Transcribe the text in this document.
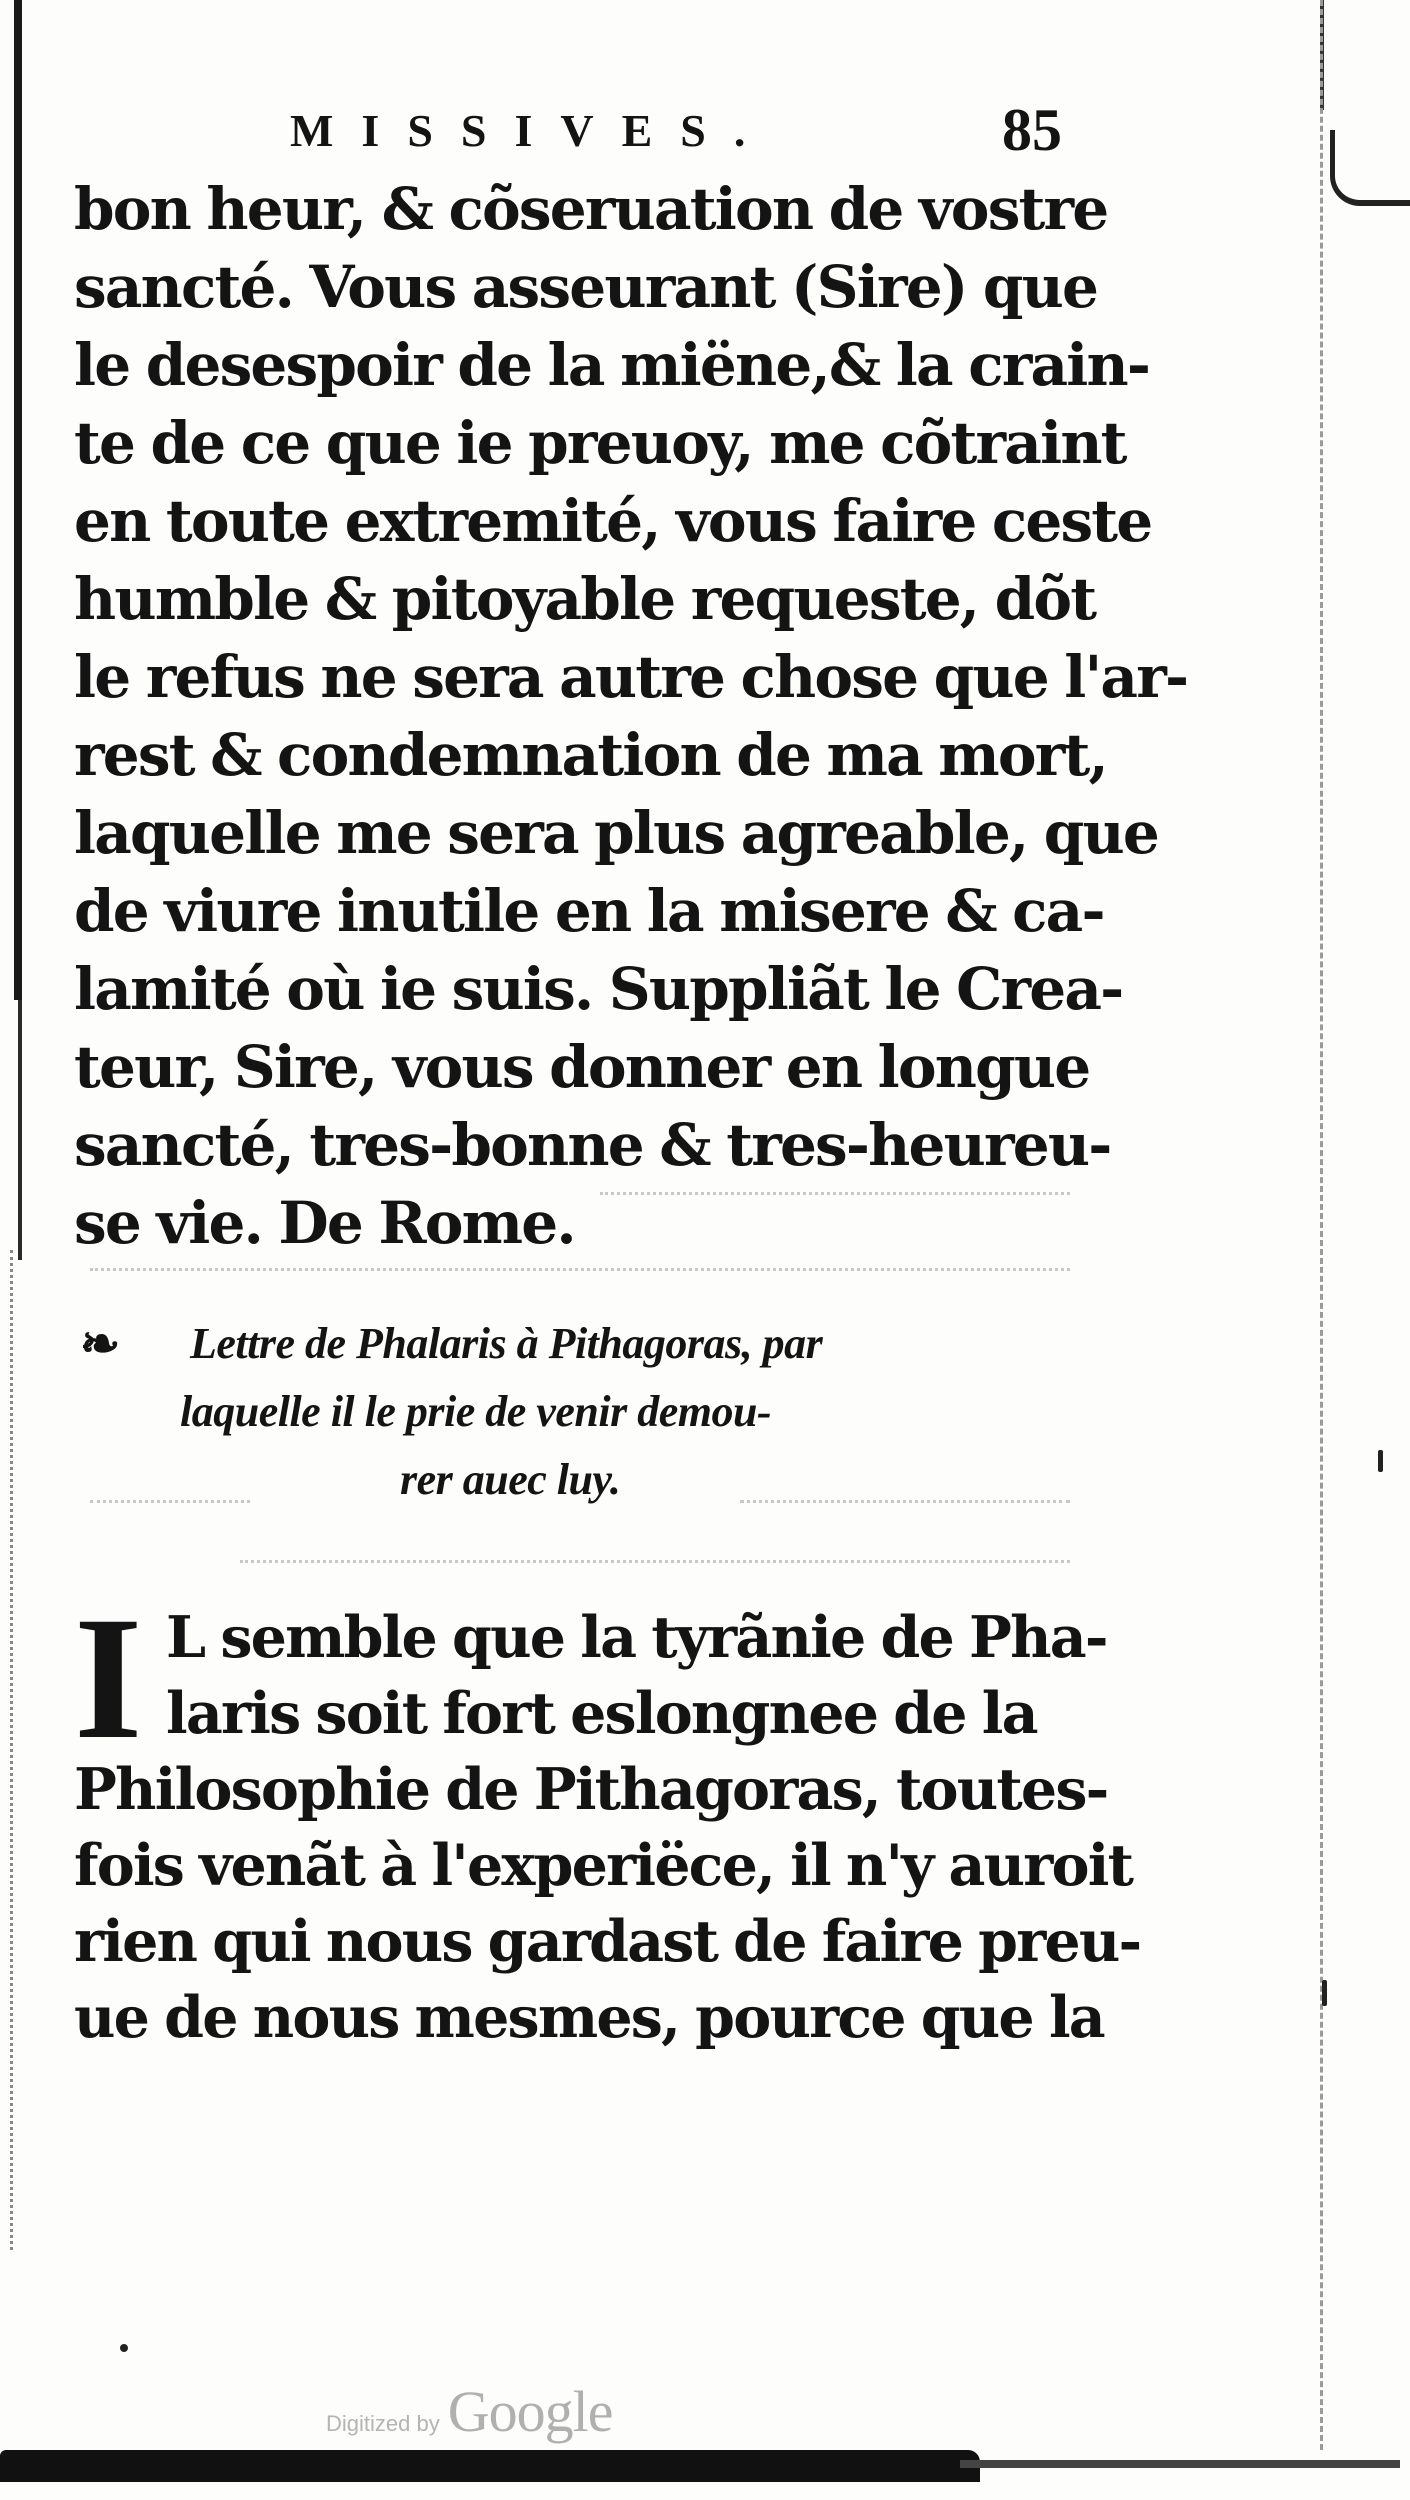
MISSIVES.	85
bon heur, & cõseruation de vostre
sancté. Vous asseurant (Sire) que
le desespoir de la miëne,& la crain-
te de ce que ie preuoy, me cõtraint
en toute extremité, vous faire ceste
humble & pitoyable requeste, dõt
le refus ne sera autre chose que l'ar-
rest & condemnation de ma mort,
laquelle me sera plus agreable, que
de viure inutile en la misere & ca-
lamité où ie suis. Suppliãt le Crea-
teur, Sire, vous donner en longue
sancté, tres-bonne & tres-heureu-
se vie. De Rome.
❧	Lettre de Phalaris à Pithagoras, par
laquelle il le prie de venir demou-
rer auec luy.
I L semble que la tyrãnie de Pha-
laris soit fort eslongnee de la
Philosophie de Pithagoras, toutes-
fois venãt à l'experiëce, il n'y auroit
rien qui nous gardast de faire preu-
ue de nous mesmes, pource que la
Digitized by Google
